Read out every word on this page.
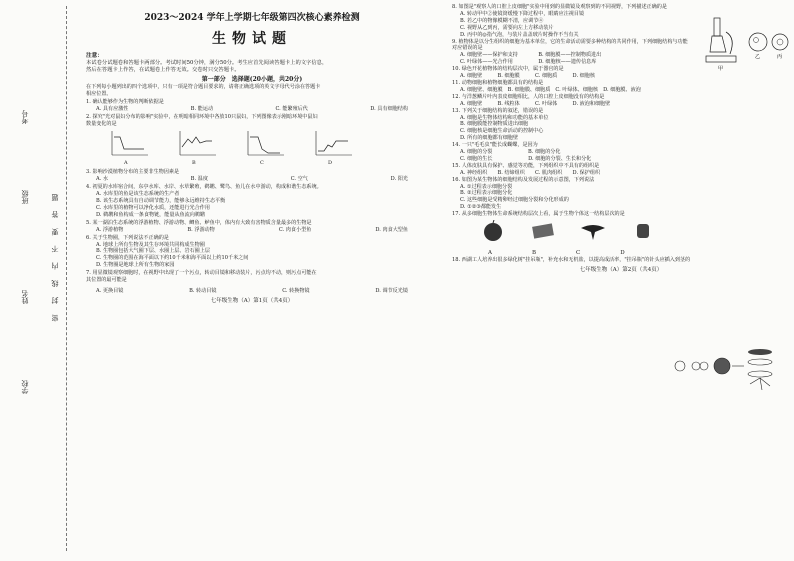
考号
班级
姓名
学校
密 封 线 内 不 要 答 题
2023～2024 学年上学期七年级第四次核心素养检测
生物试题
注意：
本试卷分试题卷和答题卡两部分。考试时间50分钟，满分50分。考生应首先阅读答题卡上的文字信息，
然后在答题卡上作答，在试题卷上作答无效。交卷时只交答题卡。
第一部分　选择题(20小题，共20分)
在下列每小题列出的四个选项中，只有一项是符合题目要求的，请将正确选项的英文字母代号涂在答题卡
相应位置。
1. 确认能够作为生物的判断依据是
A. 具有应激性	B. 能运动	C. 能繁殖后代	D. 具有细胞结构
2. 探究"光对鼠妇分布的影响"实验中，在明暗相同环境中各放10只鼠妇，下列图像表示刚暗环境中鼠妇
数量变化的是
A	B	C	D
3. 影响沙漠植物分布的主要非生物因素是
A. 水	B. 温度	C. 空气	D. 阳光
4. 初夏的水库宿合间，东亭水库、水岸、水草繁殖，鹈鹕、鹭鸟、鱼儿在水中游动，构成和谐生态系统。
A. 水库里的鱼是该生态系统的生产者
B. 该生态系统具有自动调节能力，能够永远维持生态平衡
C. 水库里的植物可以净化水质，还能进行光合作用
D. 鹈鹕和鱼构成一条食物链，能量从鱼流向鹈鹕
5. 某一湖泊生态系统的浮游植物、浮游动物、鲫鱼、鲈鱼中，体内有大致有害物质含量最多的生物是
A. 浮游植物	B. 浮游动物	C. 肉食小型鱼	D. 肉食大型鱼
6. 关于生物圈，下列说法不正确的是
A. 地球上所有生物及其生存环境共同构成生物圈
B. 生物圈包括大气圈下层、水圈上层、岩石圈上层
C. 生物圈的范围在海平面以下约10千米和海平面以上约10千米之间
D. 生物圈是地球上所有生物的家园
7. 用显微镜观察细胞时，在视野中出现了一个污点，转动目镜和移动装片，污点均不动，则污点可能在
其位置的最可能是
A. 更换目镜	B. 转动目镜	C. 转换物镜	D. 调节反光镜
七年级生物（A）第1页（共4页）
8. 如图是"观察人的口腔上皮细胞"实验中用到的显微镜及观察到的不同视野，下列描述正确的是
A. 转动甲中②使镜筒缓慢下降过程中，眼睛应注视目镜
B. 若乙中的物像模糊不清，应调节④
C. 视野从乙到丙，需要向左上方移动装片
D. 丙中的◎指气泡，与装片盖盖玻片时操作不当有关
9. 植物体是以分生组织的细胞为基本单位，它的生命活动需要多种结构的共同作用，下列细胞结构与功能
对应错误的是
A. 细胞壁——保护和支持　　　　B. 细胞膜——控制物质进出
C. 叶绿体——光合作用　　　　　D. 细胞核——遗传信息库
10. 绿色开花植物体的结构层次中，属于器官的是
A. 细胞壁　　　B. 细胞膜　　　C. 细胞质　　　D. 细胞核
11. 动物细胞和植物细胞都具有的结构是
A. 细胞壁、细胞膜　B. 细胞膜、细胞质　C. 叶绿体、细胞核　D. 细胞膜、液泡
12. 与洋葱鳞片叶内表皮细胞相比，人的口腔上皮细胞没有的结构是
A. 细胞壁　　　B. 线粒体　　　C. 叶绿体　　　D. 液泡和细胞壁
13. 下列关于细胞结构的叙述，错误的是
A. 细胞是生物体结构和功能的基本单位
B. 细胞膜能控制物质进出细胞
C. 细胞核是细胞生命活动的控制中心
D. 所有的细胞都有细胞壁
14. 一只"毛毛虫"能长成蝴蝶，是因为
A. 细胞的分裂　　　　　　　B. 细胞的分化
C. 细胞的生长　　　　　　　D. 细胞的分裂、生长和分化
15. 人体皮肤具有保护、感觉等功能，下列组织中不具有的组织是
A. 神经组织　　B. 结缔组织　　C. 肌肉组织　　D. 保护组织
16. 如图为某生物体的细胞结构及发展过程的示意图，下列说法
A. ①过程表示细胞分裂
B. ②过程表示细胞分化
C. 这些细胞是受精卵经过细胞分裂和分化形成的
D. ①②③都能发生
17. 从多细胞生物体生命系统结构层次上看，属于生物个体这一结构层次的是
甲
乙	丙
A	B	C	D
18. 西湖工人培养出很多绿化树"挂吊瓶"，补充水和无机盐，以提高成活率，"挂吊瓶"的针头应插入到茎的
七年级生物（A）第2页（共4页）
